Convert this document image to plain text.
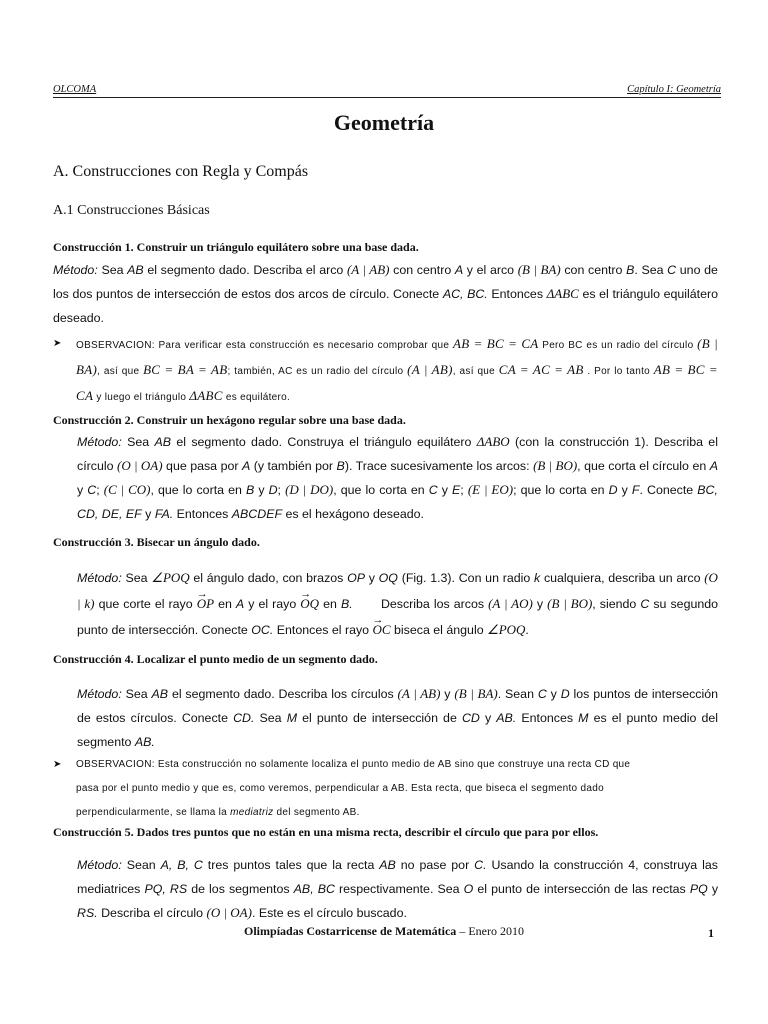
OLCOMA	Capítulo I: Geometría
Geometría
A. Construcciones con Regla y Compás
A.1 Construcciones Básicas
Construcción 1. Construir un triángulo equilátero sobre una base dada.
Método: Sea AB el segmento dado. Describa el arco (A | AB) con centro A y el arco (B | BA) con centro B. Sea C uno de los dos puntos de intersección de estos dos arcos de círculo. Conecte AC, BC. Entonces ΔABC es el triángulo equilátero deseado.
➤ OBSERVACION: Para verificar esta construcción es necesario comprobar que AB = BC = CA Pero BC es un radio del círculo (B | BA), así que BC = BA = AB; también, AC es un radio del círculo (A | AB), así que CA = AC = AB . Por lo tanto AB = BC = CA y luego el triángulo ΔABC es equilátero.
Construcción 2. Construir un hexágono regular sobre una base dada.
Método: Sea AB el segmento dado. Construya el triángulo equilátero ΔABO (con la construcción 1). Describa el círculo (O | OA) que pasa por A (y también por B). Trace sucesivamente los arcos: (B | BO), que corta el círculo en A y C; (C | CO), que lo corta en B y D; (D | DO), que lo corta en C y E; (E | EO); que lo corta en D y F. Conecte BC, CD, DE, EF y FA. Entonces ABCDEF es el hexágono deseado.
Construcción 3. Bisecar un ángulo dado.
Método: Sea ∠POQ el ángulo dado, con brazos OP y OQ (Fig. 1.3). Con un radio k cualquiera, describa un arco (O | k) que corte el rayo → OP en A y el rayo → OQ en B. Describa los arcos (A | AO) y (B | BO), siendo C su segundo punto de intersección. Conecte OC. Entonces el rayo → OC biseca el ángulo ∠POQ.
Construcción 4. Localizar el punto medio de un segmento dado.
Método: Sea AB el segmento dado. Describa los círculos (A | AB) y (B | BA). Sean C y D los puntos de intersección de estos círculos. Conecte CD. Sea M el punto de intersección de CD y AB. Entonces M es el punto medio del segmento AB.
➤ OBSERVACION: Esta construcción no solamente localiza el punto medio de AB sino que construye una recta CD que
pasa por el punto medio y que es, como veremos, perpendicular a AB. Esta recta, que biseca el segmento dado
perpendicularmente, se llama la mediatriz del segmento AB.
Construcción 5. Dados tres puntos que no están en una misma recta, describir el círculo que para por ellos.
Método: Sean A, B, C tres puntos tales que la recta AB no pase por C. Usando la construcción 4, construya las mediatrices PQ, RS de los segmentos AB, BC respectivamente. Sea O el punto de intersección de las rectas PQ y RS. Describa el círculo (O | OA). Este es el círculo buscado.
Olimpíadas Costarricense de Matemática – Enero 2010	1
